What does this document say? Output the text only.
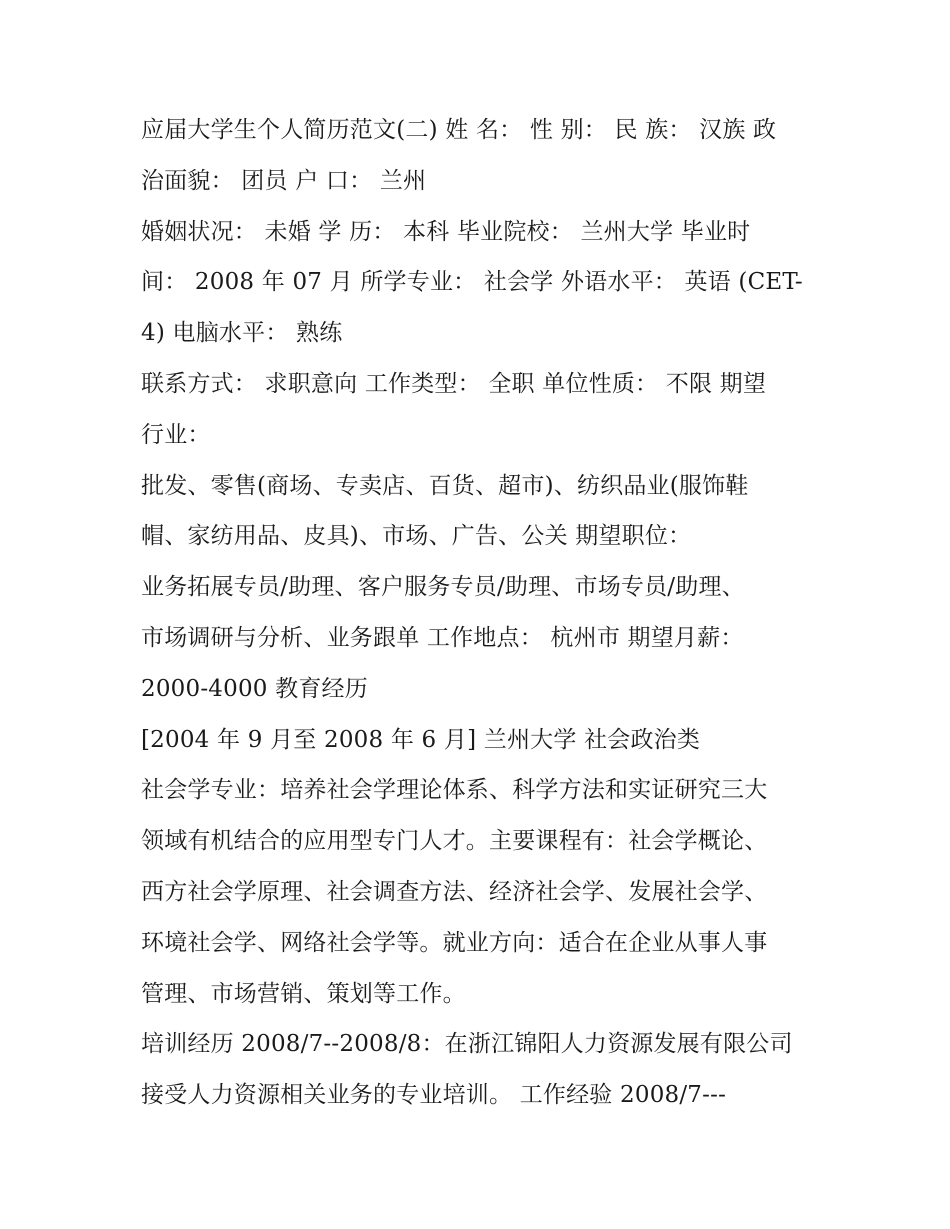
应届大学生个人简历范文(二) 姓 名： 性 别： 民 族： 汉族 政
治面貌： 团员 户 口： 兰州
婚姻状况： 未婚 学 历： 本科 毕业院校： 兰州大学 毕业时
间： 2008 年 07 月 所学专业： 社会学 外语水平： 英语 (CET-
4) 电脑水平： 熟练
联系方式： 求职意向 工作类型： 全职 单位性质： 不限 期望
行业：
批发、零售(商场、专卖店、百货、超市)、纺织品业(服饰鞋
帽、家纺用品、皮具)、市场、广告、公关 期望职位：
业务拓展专员/助理、客户服务专员/助理、市场专员/助理、
市场调研与分析、业务跟单 工作地点： 杭州市 期望月薪：
2000-4000 教育经历
[2004 年 9 月至 2008 年 6 月] 兰州大学 社会政治类
社会学专业：培养社会学理论体系、科学方法和实证研究三大
领域有机结合的应用型专门人才。主要课程有：社会学概论、
西方社会学原理、社会调查方法、经济社会学、发展社会学、
环境社会学、网络社会学等。就业方向：适合在企业从事人事
管理、市场营销、策划等工作。
培训经历 2008/7--2008/8：在浙江锦阳人力资源发展有限公司
接受人力资源相关业务的专业培训。 工作经验 2008/7---
